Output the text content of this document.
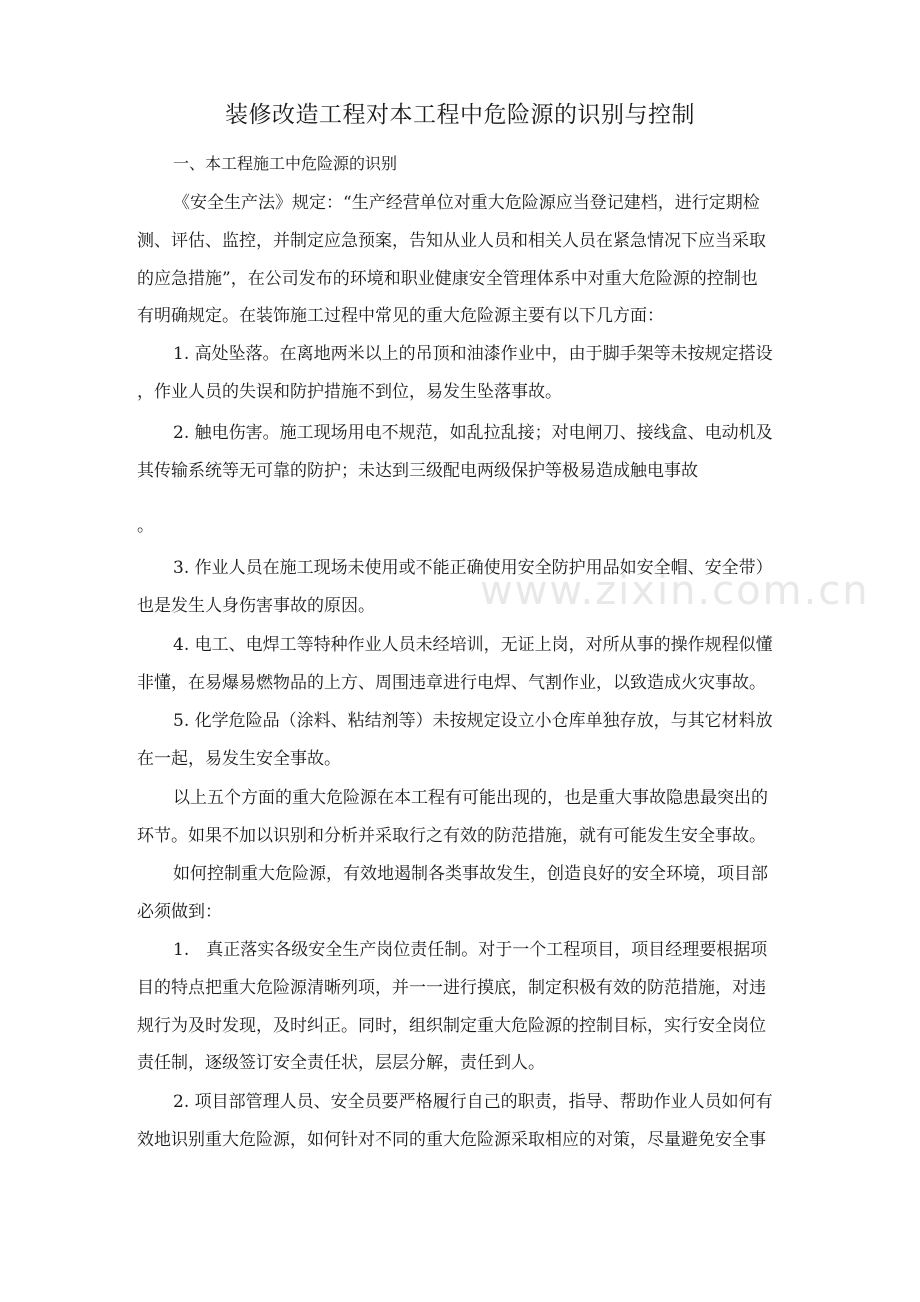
www.zixin.com.cn
装修改造工程对本工程中危险源的识别与控制
一、本工程施工中危险源的识别
《安全生产法》规定：“生产经营单位对重大危险源应当登记建档，进行定期检
测、评估、监控，并制定应急预案，告知从业人员和相关人员在紧急情况下应当采取
的应急措施”，在公司发布的环境和职业健康安全管理体系中对重大危险源的控制也
有明确规定。在装饰施工过程中常见的重大危险源主要有以下几方面：
1. 高处坠落。在离地两米以上的吊顶和油漆作业中，由于脚手架等未按规定搭设
，作业人员的失误和防护措施不到位，易发生坠落事故。
2. 触电伤害。施工现场用电不规范，如乱拉乱接；对电闸刀、接线盒、电动机及
其传输系统等无可靠的防护；未达到三级配电两级保护等极易造成触电事故
。
3. 作业人员在施工现场未使用或不能正确使用安全防护用品如安全帽、安全带）
也是发生人身伤害事故的原因。
4. 电工、电焊工等特种作业人员未经培训，无证上岗，对所从事的操作规程似懂
非懂，在易爆易燃物品的上方、周围违章进行电焊、气割作业，以致造成火灾事故。
5. 化学危险品（涂料、粘结剂等）未按规定设立小仓库单独存放，与其它材料放
在一起，易发生安全事故。
以上五个方面的重大危险源在本工程有可能出现的，也是重大事故隐患最突出的
环节。如果不加以识别和分析并采取行之有效的防范措施，就有可能发生安全事故。
如何控制重大危险源，有效地遏制各类事故发生，创造良好的安全环境，项目部
必须做到：
1.　真正落实各级安全生产岗位责任制。对于一个工程项目，项目经理要根据项
目的特点把重大危险源清晰列项，并一一进行摸底，制定积极有效的防范措施，对违
规行为及时发现，及时纠正。同时，组织制定重大危险源的控制目标，实行安全岗位
责任制，逐级签订安全责任状，层层分解，责任到人。
2. 项目部管理人员、安全员要严格履行自己的职责，指导、帮助作业人员如何有
效地识别重大危险源，如何针对不同的重大危险源采取相应的对策，尽量避免安全事
